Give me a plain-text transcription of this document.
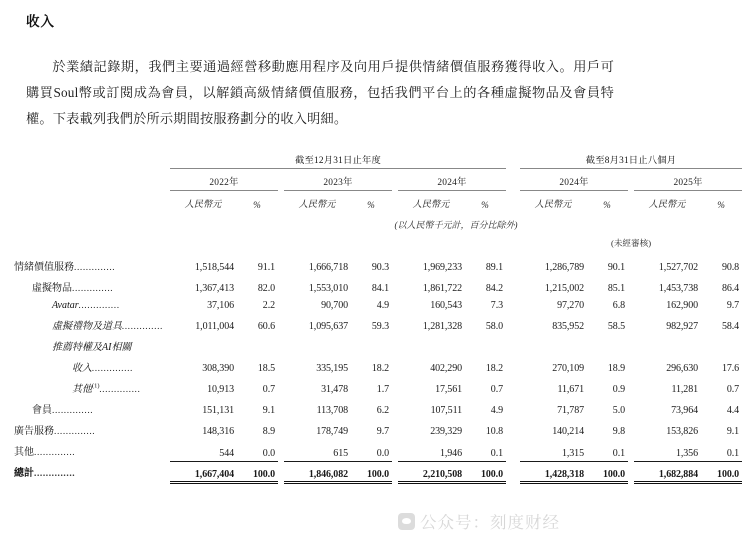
收入
於業績記錄期，我們主要通過經營移動應用程序及向用戶提供情緒價值服務獲得收入。用戶可購買Soul幣或訂閱成為會員，以解鎖高級情緒價值服務，包括我們平台上的各種虛擬物品及會員特權。下表載列我們於所示期間按服務劃分的收入明細。
	截至12月31日止年度									截至8月31日止八個月				

	2022年			2023年			2024年			2024年			2025年	

	人民幣元	%		人民幣元	%		人民幣元	%		人民幣元	%		人民幣元	%
	(以人民幣千元計，百分比除外)													
										(未經審核)				
情緒價值服務..............	1,518,544	91.1		1,666,718	90.3		1,969,233	89.1		1,286,789	90.1		1,527,702	90.8
虛擬物品..............	1,367,413	82.0		1,553,010	84.1		1,861,722	84.2		1,215,002	85.1		1,453,738	86.4
Avatar..............	37,106	2.2		90,700	4.9		160,543	7.3		97,270	6.8		162,900	9.7
虛擬禮物及道具..............	1,011,004	60.6		1,095,637	59.3		1,281,328	58.0		835,952	58.5		982,927	58.4
推薦特權及AI相關														
收入..............	308,390	18.5		335,195	18.2		402,290	18.2		270,109	18.9		296,630	17.6
其他$^{(1)}$..............	10,913	0.7		31,478	1.7		17,561	0.7		11,671	0.9		11,281	0.7
會員..............	151,131	9.1		113,708	6.2		107,511	4.9		71,787	5.0		73,964	4.4
廣告服務..............	148,316	8.9		178,749	9.7		239,329	10.8		140,214	9.8		153,826	9.1
其他..............	544	0.0		615	0.0		1,946	0.1		1,315	0.1		1,356	0.1
總計..............	1,667,404	100.0		1,846,082	100.0		2,210,508	100.0		1,428,318	100.0		1,682,884	100.0
公众号：刻度财经
